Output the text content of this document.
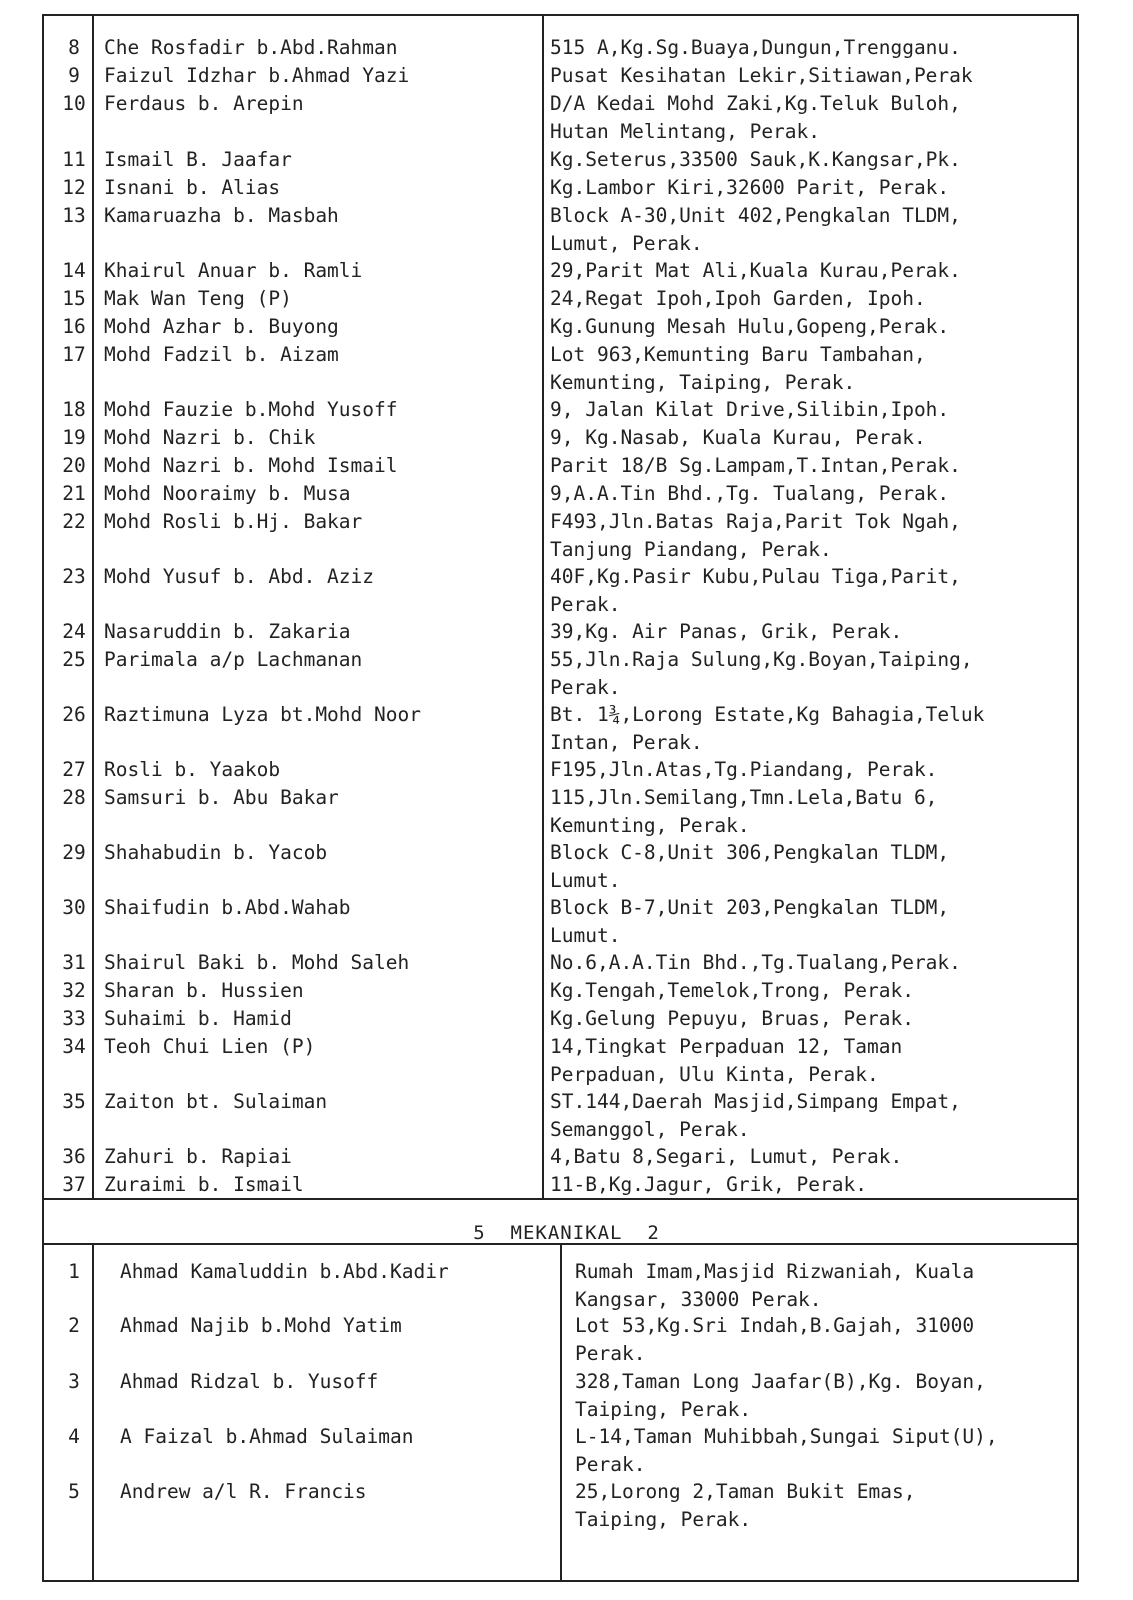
5  MEKANIKAL  2
8	Che Rosfadir b.Abd.Rahman	515 A,Kg.Sg.Buaya,Dungun,Trengganu.
9	Faizul Idzhar b.Ahmad Yazi	Pusat Kesihatan Lekir,Sitiawan,Perak
10 Ferdaus b. Arepin	D/A Kedai Mohd Zaki,Kg.Teluk Buloh,
Hutan Melintang, Perak.
11 Ismail B. Jaafar	Kg.Seterus,33500 Sauk,K.Kangsar,Pk.
12 Isnani b. Alias	Kg.Lambor Kiri,32600 Parit, Perak.
13 Kamaruazha b. Masbah	Block A-30,Unit 402,Pengkalan TLDM,
Lumut, Perak.
14 Khairul Anuar b. Ramli	29,Parit Mat Ali,Kuala Kurau,Perak.
15 Mak Wan Teng (P)	24,Regat Ipoh,Ipoh Garden, Ipoh.
16 Mohd Azhar b. Buyong	Kg.Gunung Mesah Hulu,Gopeng,Perak.
17 Mohd Fadzil b. Aizam	Lot 963,Kemunting Baru Tambahan,
Kemunting, Taiping, Perak.
18 Mohd Fauzie b.Mohd Yusoff	9, Jalan Kilat Drive,Silibin,Ipoh.
19 Mohd Nazri b. Chik	9, Kg.Nasab, Kuala Kurau, Perak.
20 Mohd Nazri b. Mohd Ismail	Parit 18/B Sg.Lampam,T.Intan,Perak.
21 Mohd Nooraimy b. Musa	9,A.A.Tin Bhd.,Tg. Tualang, Perak.
22 Mohd Rosli b.Hj. Bakar	F493,Jln.Batas Raja,Parit Tok Ngah,
Tanjung Piandang, Perak.
23 Mohd Yusuf b. Abd. Aziz	40F,Kg.Pasir Kubu,Pulau Tiga,Parit,
Perak.
24 Nasaruddin b. Zakaria	39,Kg. Air Panas, Grik, Perak.
25 Parimala a/p Lachmanan	55,Jln.Raja Sulung,Kg.Boyan,Taiping,
Perak.
26 Raztimuna Lyza bt.Mohd Noor	Bt. 1¾,Lorong Estate,Kg Bahagia,Teluk
Intan, Perak.
27 Rosli b. Yaakob	F195,Jln.Atas,Tg.Piandang, Perak.
28 Samsuri b. Abu Bakar	115,Jln.Semilang,Tmn.Lela,Batu 6,
Kemunting, Perak.
29 Shahabudin b. Yacob	Block C-8,Unit 306,Pengkalan TLDM,
Lumut.
30 Shaifudin b.Abd.Wahab	Block B-7,Unit 203,Pengkalan TLDM,
Lumut.
31 Shairul Baki b. Mohd Saleh	No.6,A.A.Tin Bhd.,Tg.Tualang,Perak.
32 Sharan b. Hussien	Kg.Tengah,Temelok,Trong, Perak.
33 Suhaimi b. Hamid	Kg.Gelung Pepuyu, Bruas, Perak.
34 Teoh Chui Lien (P)	14,Tingkat Perpaduan 12, Taman
Perpaduan, Ulu Kinta, Perak.
35 Zaiton bt. Sulaiman	ST.144,Daerah Masjid,Simpang Empat,
Semanggol, Perak.
36 Zahuri b. Rapiai	4,Batu 8,Segari, Lumut, Perak.
37 Zuraimi b. Ismail	11-B,Kg.Jagur, Grik, Perak.
1	Ahmad Kamaluddin b.Abd.Kadir	Rumah Imam,Masjid Rizwaniah, Kuala
Kangsar, 33000 Perak.
2	Ahmad Najib b.Mohd Yatim	Lot 53,Kg.Sri Indah,B.Gajah, 31000
Perak.
3	Ahmad Ridzal b. Yusoff	328,Taman Long Jaafar(B),Kg. Boyan,
Taiping, Perak.
4	A Faizal b.Ahmad Sulaiman	L-14,Taman Muhibbah,Sungai Siput(U),
Perak.
5	Andrew a/l R. Francis	25,Lorong 2,Taman Bukit Emas,
Taiping, Perak.
